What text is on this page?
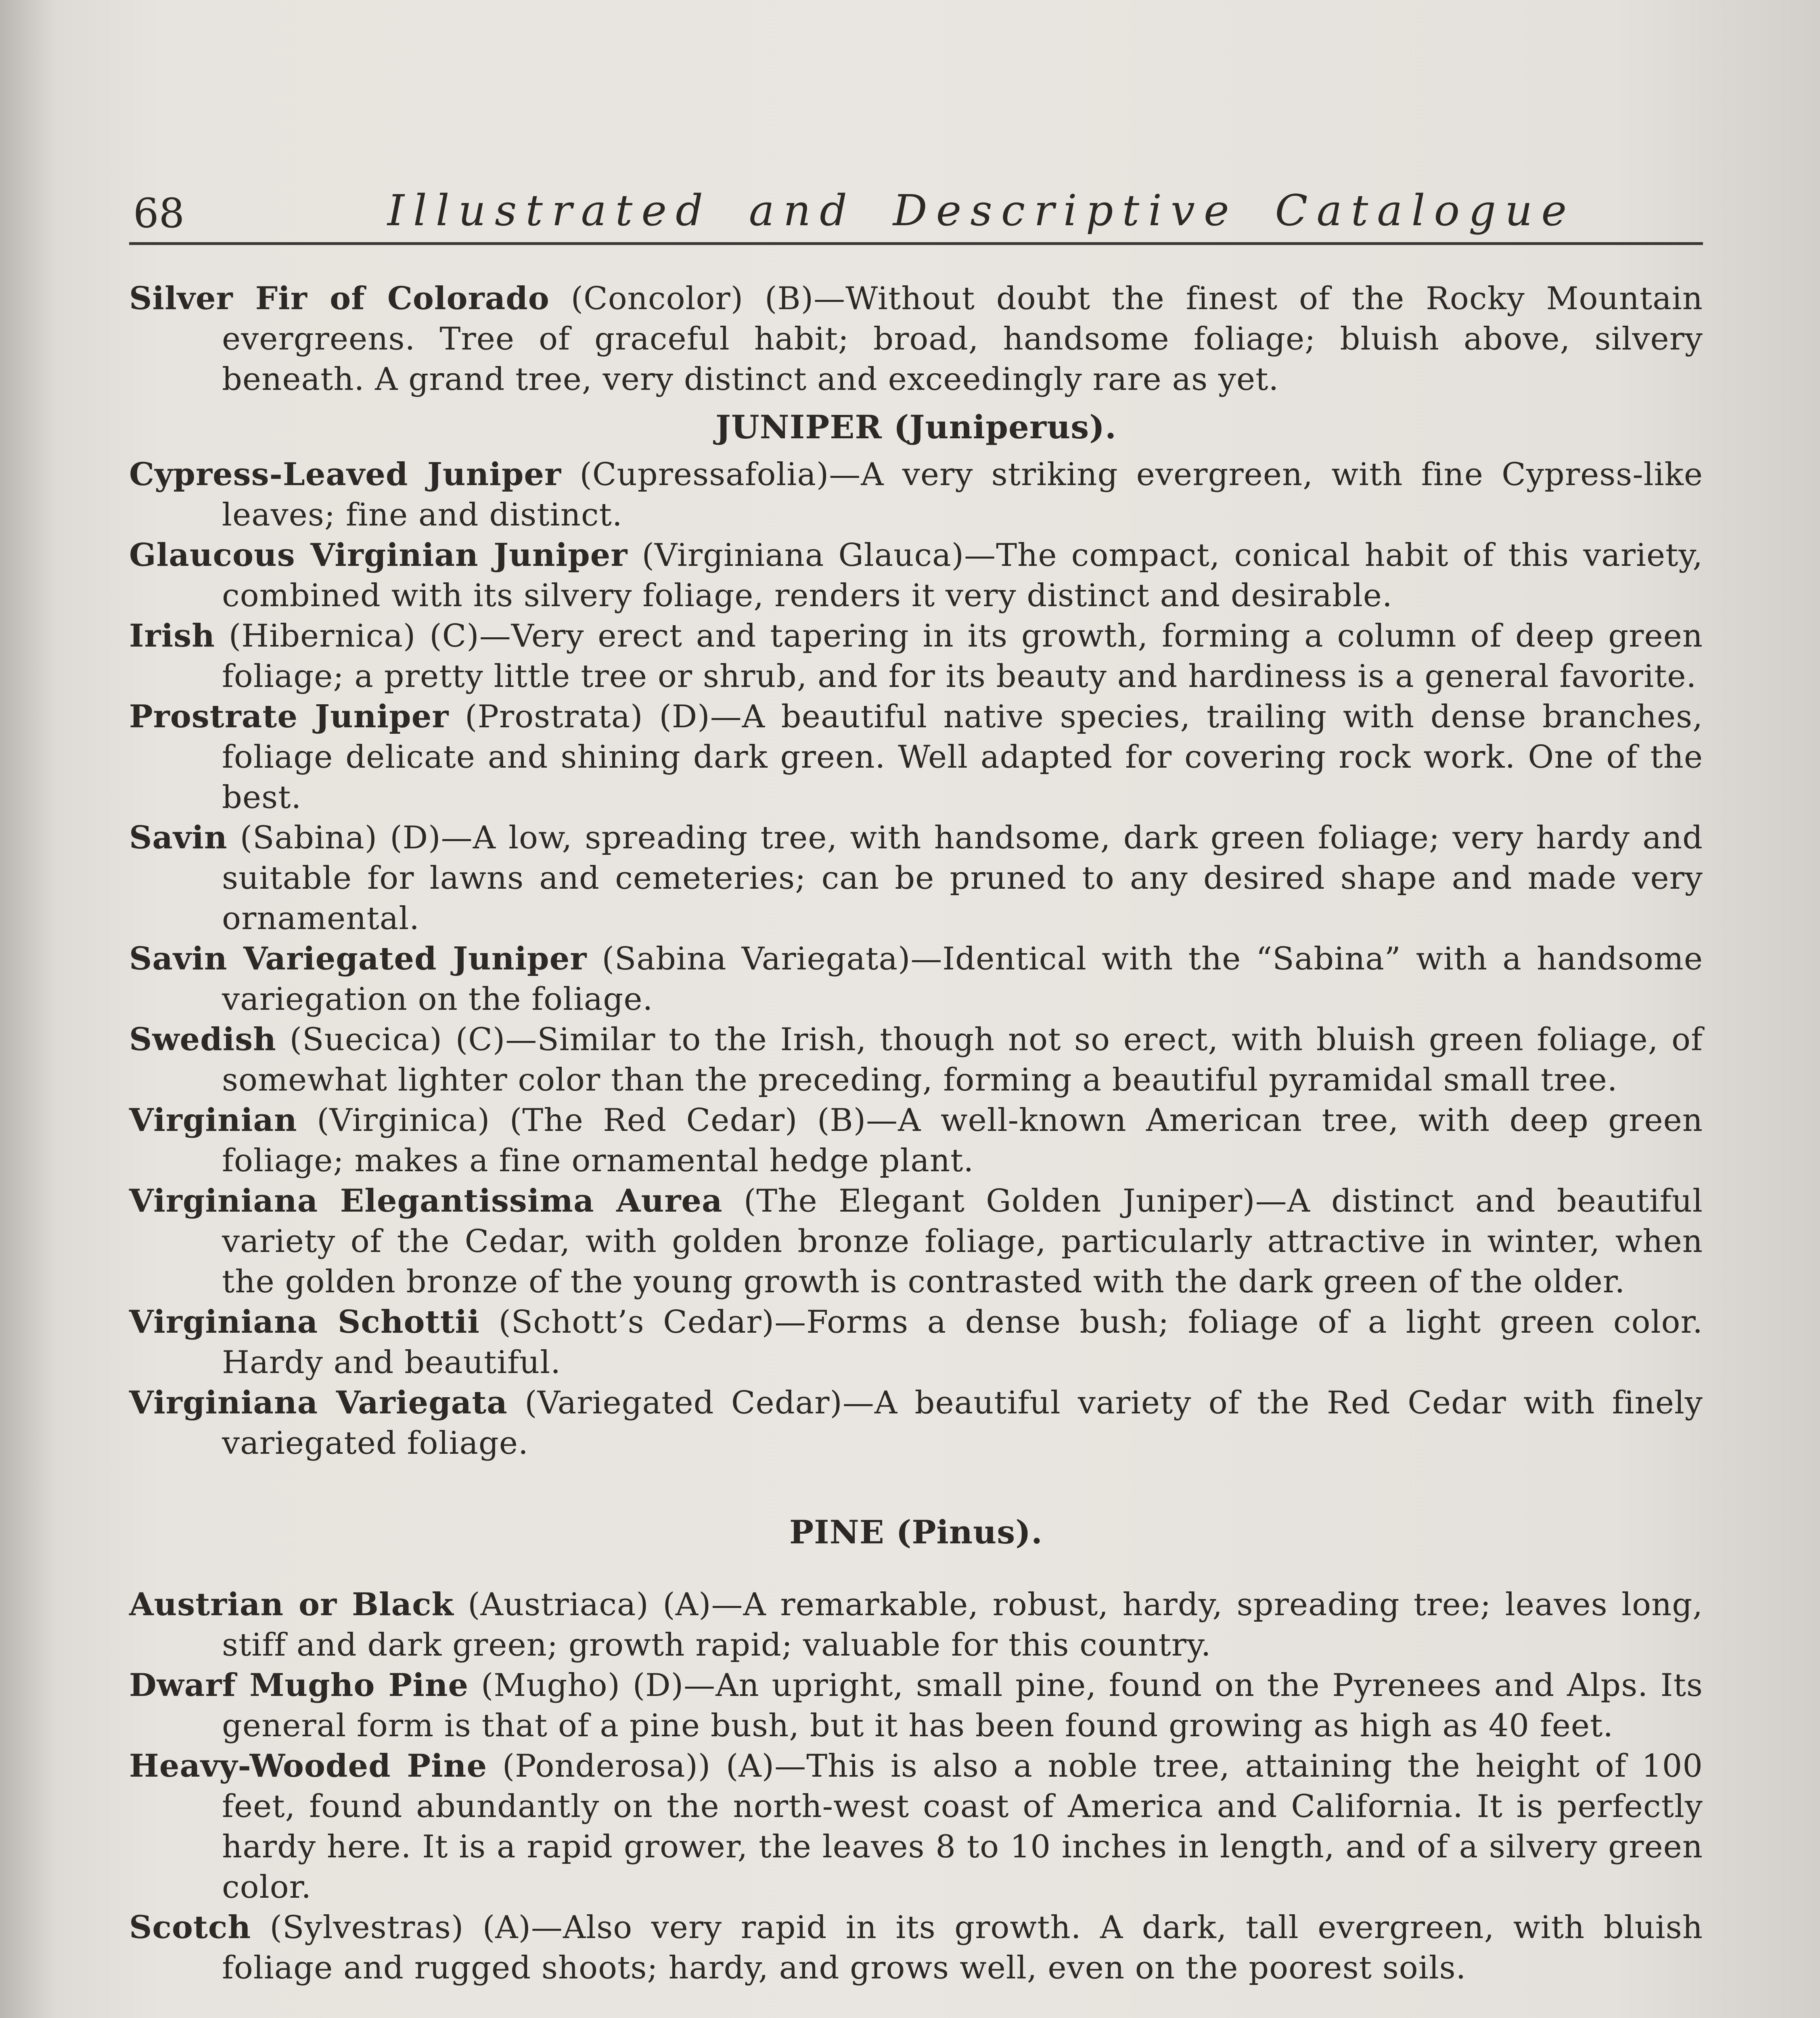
68	Illustrated and Descriptive Catalogue

Silver Fir of Colorado (Concolor) (B)—Without doubt the finest of the Rocky Mountain evergreens. Tree of graceful habit; broad, handsome foliage; bluish above, silvery beneath. A grand tree, very distinct and exceedingly rare as yet.

JUNIPER (Juniperus).

Cypress-Leaved Juniper (Cupressafolia)—A very striking evergreen, with fine Cypress-like leaves; fine and distinct.

Glaucous Virginian Juniper (Virginiana Glauca)—The compact, conical habit of this variety, combined with its silvery foliage, renders it very distinct and desirable.

Irish (Hibernica) (C)—Very erect and tapering in its growth, forming a column of deep green foliage; a pretty little tree or shrub, and for its beauty and hardiness is a general favorite.

Prostrate Juniper (Prostrata) (D)—A beautiful native species, trailing with dense branches, foliage delicate and shining dark green. Well adapted for covering rock work. One of the best.

Savin (Sabina) (D)—A low, spreading tree, with handsome, dark green foliage; very hardy and suitable for lawns and cemeteries; can be pruned to any desired shape and made very ornamental.

Savin Variegated Juniper (Sabina Variegata)—Identical with the “Sabina” with a handsome variegation on the foliage.

Swedish (Suecica) (C)—Similar to the Irish, though not so erect, with bluish green foliage, of somewhat lighter color than the preceding, forming a beautiful pyramidal small tree.

Virginian (Virginica) (The Red Cedar) (B)—A well-known American tree, with deep green foliage; makes a fine ornamental hedge plant.

Virginiana Elegantissima Aurea (The Elegant Golden Juniper)—A distinct and beautiful variety of the Cedar, with golden bronze foliage, particularly attractive in winter, when the golden bronze of the young growth is contrasted with the dark green of the older.

Virginiana Schottii (Schott’s Cedar)—Forms a dense bush; foliage of a light green color. Hardy and beautiful.

Virginiana Variegata (Variegated Cedar)—A beautiful variety of the Red Cedar with finely variegated foliage.

PINE (Pinus).

Austrian or Black (Austriaca) (A)—A remarkable, robust, hardy, spreading tree; leaves long, stiff and dark green; growth rapid; valuable for this country.

Dwarf Mugho Pine (Mugho) (D)—An upright, small pine, found on the Pyrenees and Alps. Its general form is that of a pine bush, but it has been found growing as high as 40 feet.

Heavy-Wooded Pine (Ponderosa)) (A)—This is also a noble tree, attaining the height of 100 feet, found abundantly on the north-west coast of America and California. It is perfectly hardy here. It is a rapid grower, the leaves 8 to 10 inches in length, and of a silvery green color.

Scotch (Sylvestras) (A)—Also very rapid in its growth. A dark, tall evergreen, with bluish foliage and rugged shoots; hardy, and grows well, even on the poorest soils.
